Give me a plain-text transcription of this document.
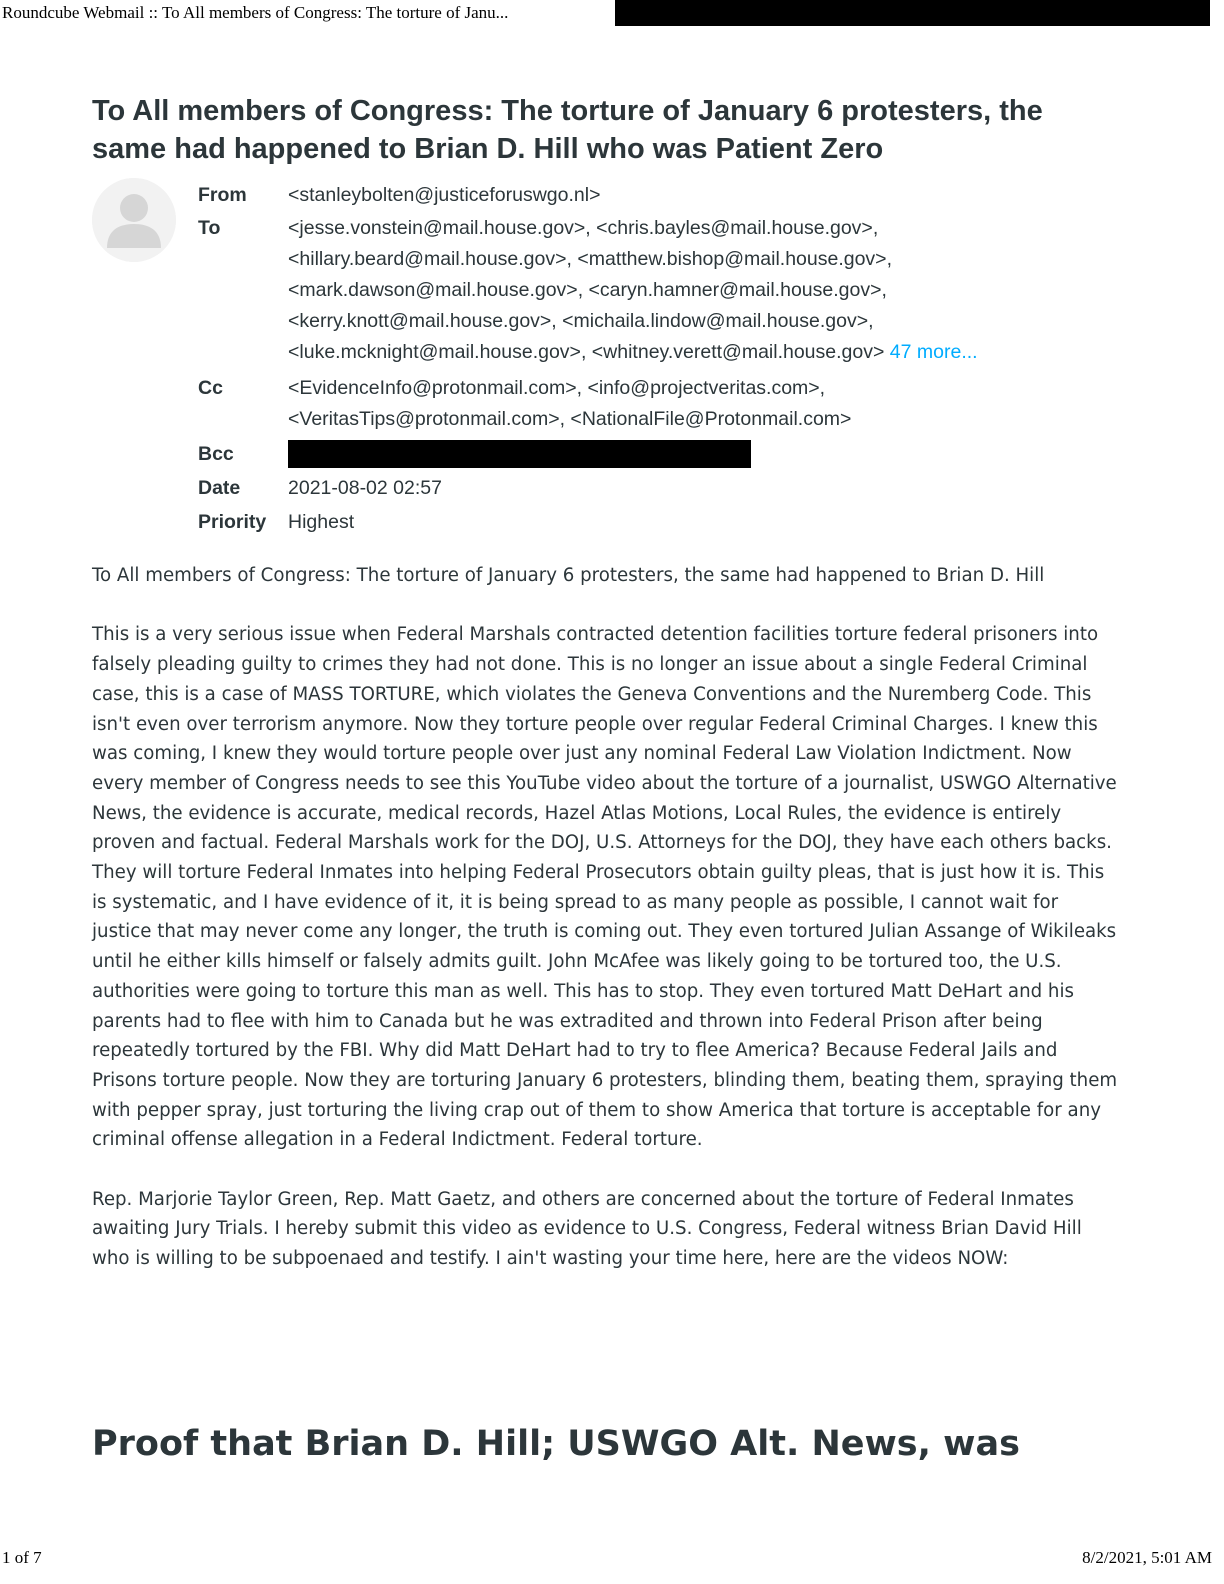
Roundcube Webmail :: To All members of Congress: The torture of Janu...
To All members of Congress: The torture of January 6 protesters, the same had happened to Brian D. Hill who was Patient Zero
From	<stanleybolten@justiceforuswgo.nl>
To	<jesse.vonstein@mail.house.gov>, <chris.bayles@mail.house.gov>,
<hillary.beard@mail.house.gov>, <matthew.bishop@mail.house.gov>,
<mark.dawson@mail.house.gov>, <caryn.hamner@mail.house.gov>,
<kerry.knott@mail.house.gov>, <michaila.lindow@mail.house.gov>,
<luke.mcknight@mail.house.gov>, <whitney.verett@mail.house.gov> 47 more...
Cc	<EvidenceInfo@protonmail.com>, <info@projectveritas.com>,
<VeritasTips@protonmail.com>, <NationalFile@Protonmail.com>
Bcc
Date	2021-08-02 02:57
Priority	Highest

To All members of Congress: The torture of January 6 protesters, the same had happened to Brian D. Hill

This is a very serious issue when Federal Marshals contracted detention facilities torture federal prisoners into falsely pleading guilty to crimes they had not done. This is no longer an issue about a single Federal Criminal case, this is a case of MASS TORTURE, which violates the Geneva Conventions and the Nuremberg Code. This isn't even over terrorism anymore. Now they torture people over regular Federal Criminal Charges. I knew this was coming, I knew they would torture people over just any nominal Federal Law Violation Indictment. Now every member of Congress needs to see this YouTube video about the torture of a journalist, USWGO Alternative News, the evidence is accurate, medical records, Hazel Atlas Motions, Local Rules, the evidence is entirely proven and factual. Federal Marshals work for the DOJ, U.S. Attorneys for the DOJ, they have each others backs. They will torture Federal Inmates into helping Federal Prosecutors obtain guilty pleas, that is just how it is. This is systematic, and I have evidence of it, it is being spread to as many people as possible, I cannot wait for justice that may never come any longer, the truth is coming out. They even tortured Julian Assange of Wikileaks until he either kills himself or falsely admits guilt. John McAfee was likely going to be tortured too, the U.S. authorities were going to torture this man as well. This has to stop. They even tortured Matt DeHart and his parents had to flee with him to Canada but he was extradited and thrown into Federal Prison after being repeatedly tortured by the FBI. Why did Matt DeHart had to try to flee America? Because Federal Jails and Prisons torture people. Now they are torturing January 6 protesters, blinding them, beating them, spraying them with pepper spray, just torturing the living crap out of them to show America that torture is acceptable for any criminal offense allegation in a Federal Indictment. Federal torture.

Rep. Marjorie Taylor Green, Rep. Matt Gaetz, and others are concerned about the torture of Federal Inmates awaiting Jury Trials. I hereby submit this video as evidence to U.S. Congress, Federal witness Brian David Hill who is willing to be subpoenaed and testify. I ain't wasting your time here, here are the videos NOW:

Proof that Brian D. Hill; USWGO Alt. News, was
1 of 7	8/2/2021, 5:01 AM
